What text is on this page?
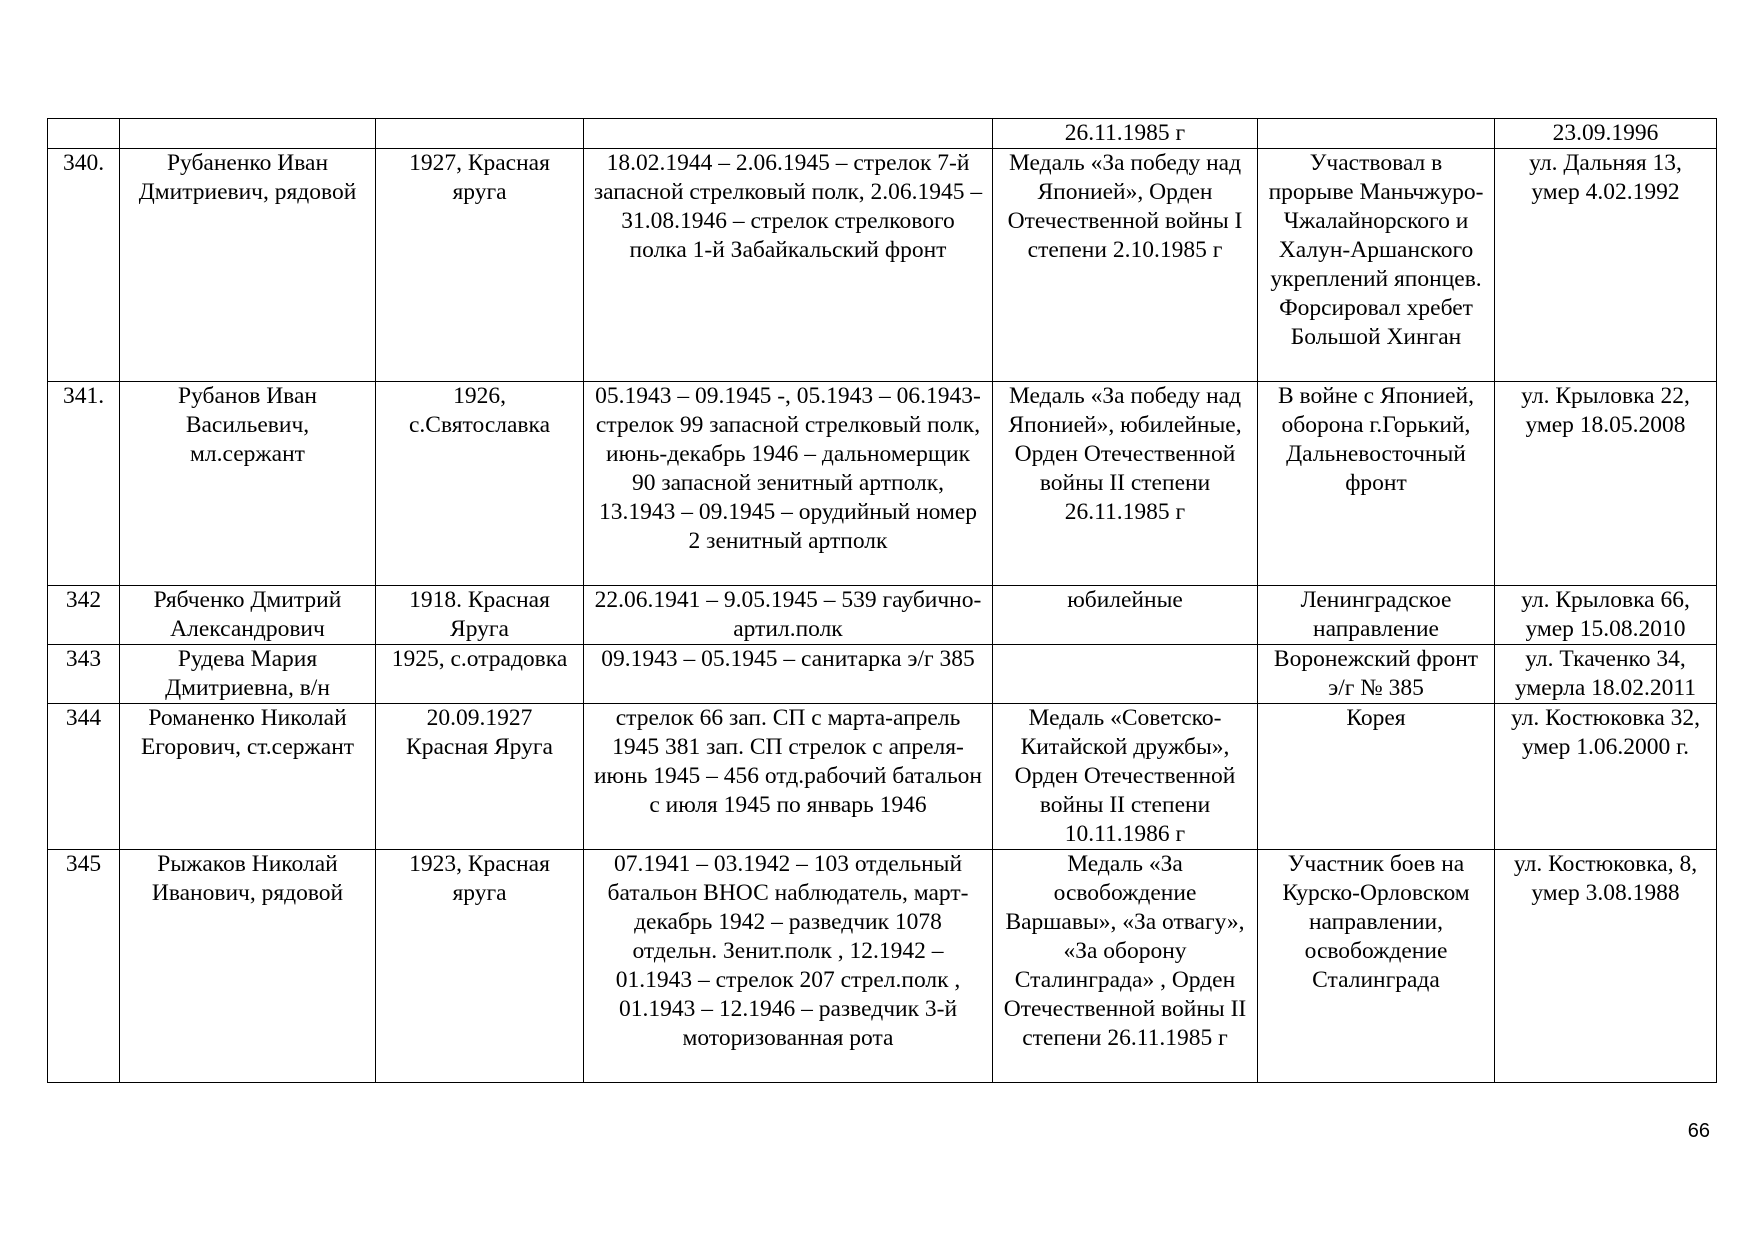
				26.11.1985 г		23.09.1996

340.	Рубаненко Иван Дмитриевич, рядовой	1927, Красная яруга	18.02.1944 – 2.06.1945 – стрелок 7-й запасной стрелковый полк, 2.06.1945 – 31.08.1946 – стрелок стрелкового полка 1-й Забайкальский фронт	Медаль «За победу над Японией», Орден Отечественной войны I степени 2.10.1985 г	Участвовал в прорыве Маньчжуро-Чжалайнорского и Халун-Аршанского укреплений японцев. Форсировал хребет Большой Хинган	ул. Дальняя 13, умер 4.02.1992

341.	Рубанов Иван Васильевич, мл.сержант	1926, с.Святославка	05.1943 – 09.1945 -, 05.1943 – 06.1943- стрелок 99 запасной стрелковый полк, июнь-декабрь 1946 – дальномерщик 90 запасной зенитный артполк, 13.1943 – 09.1945 – орудийный номер 2 зенитный артполк	Медаль «За победу над Японией», юбилейные, Орден Отечественной войны II степени 26.11.1985 г	В войне с Японией, оборона г.Горький, Дальневосточный фронт	ул. Крыловка 22, умер 18.05.2008

342	Рябченко Дмитрий Александрович	1918. Красная Яруга	22.06.1941 – 9.05.1945 – 539 гаубично-артил.полк	юбилейные	Ленинградское направление	ул. Крыловка 66, умер 15.08.2010

343	Рудева Мария Дмитриевна, в/н	1925, с.отрадовка	09.1943 – 05.1945 – санитарка э/г 385		Воронежский фронт э/г № 385	ул. Ткаченко 34, умерла 18.02.2011

344	Романенко Николай Егорович, ст.сержант	20.09.1927 Красная Яруга	стрелок 66 зап. СП с марта-апрель 1945 381 зап. СП стрелок с апреля-июнь 1945 – 456 отд.рабочий батальон с июля 1945 по январь 1946	Медаль «Советско-Китайской дружбы», Орден Отечественной войны II степени 10.11.1986 г	Корея	ул. Костюковка 32, умер 1.06.2000 г.

345	Рыжаков Николай Иванович, рядовой	1923, Красная яруга	07.1941 – 03.1942 – 103 отдельный батальон ВНОС наблюдатель, март-декабрь 1942 – разведчик 1078 отдельн. Зенит.полк , 12.1942 – 01.1943 – стрелок 207 стрел.полк , 01.1943 – 12.1946 – разведчик 3-й моторизованная рота	Медаль «За освобождение Варшавы», «За отвагу», «За оборону Сталинграда» , Орден Отечественной войны II степени 26.11.1985 г	Участник боев на Курско-Орловском направлении, освобождение Сталинграда	ул. Костюковка, 8, умер 3.08.1988
66
